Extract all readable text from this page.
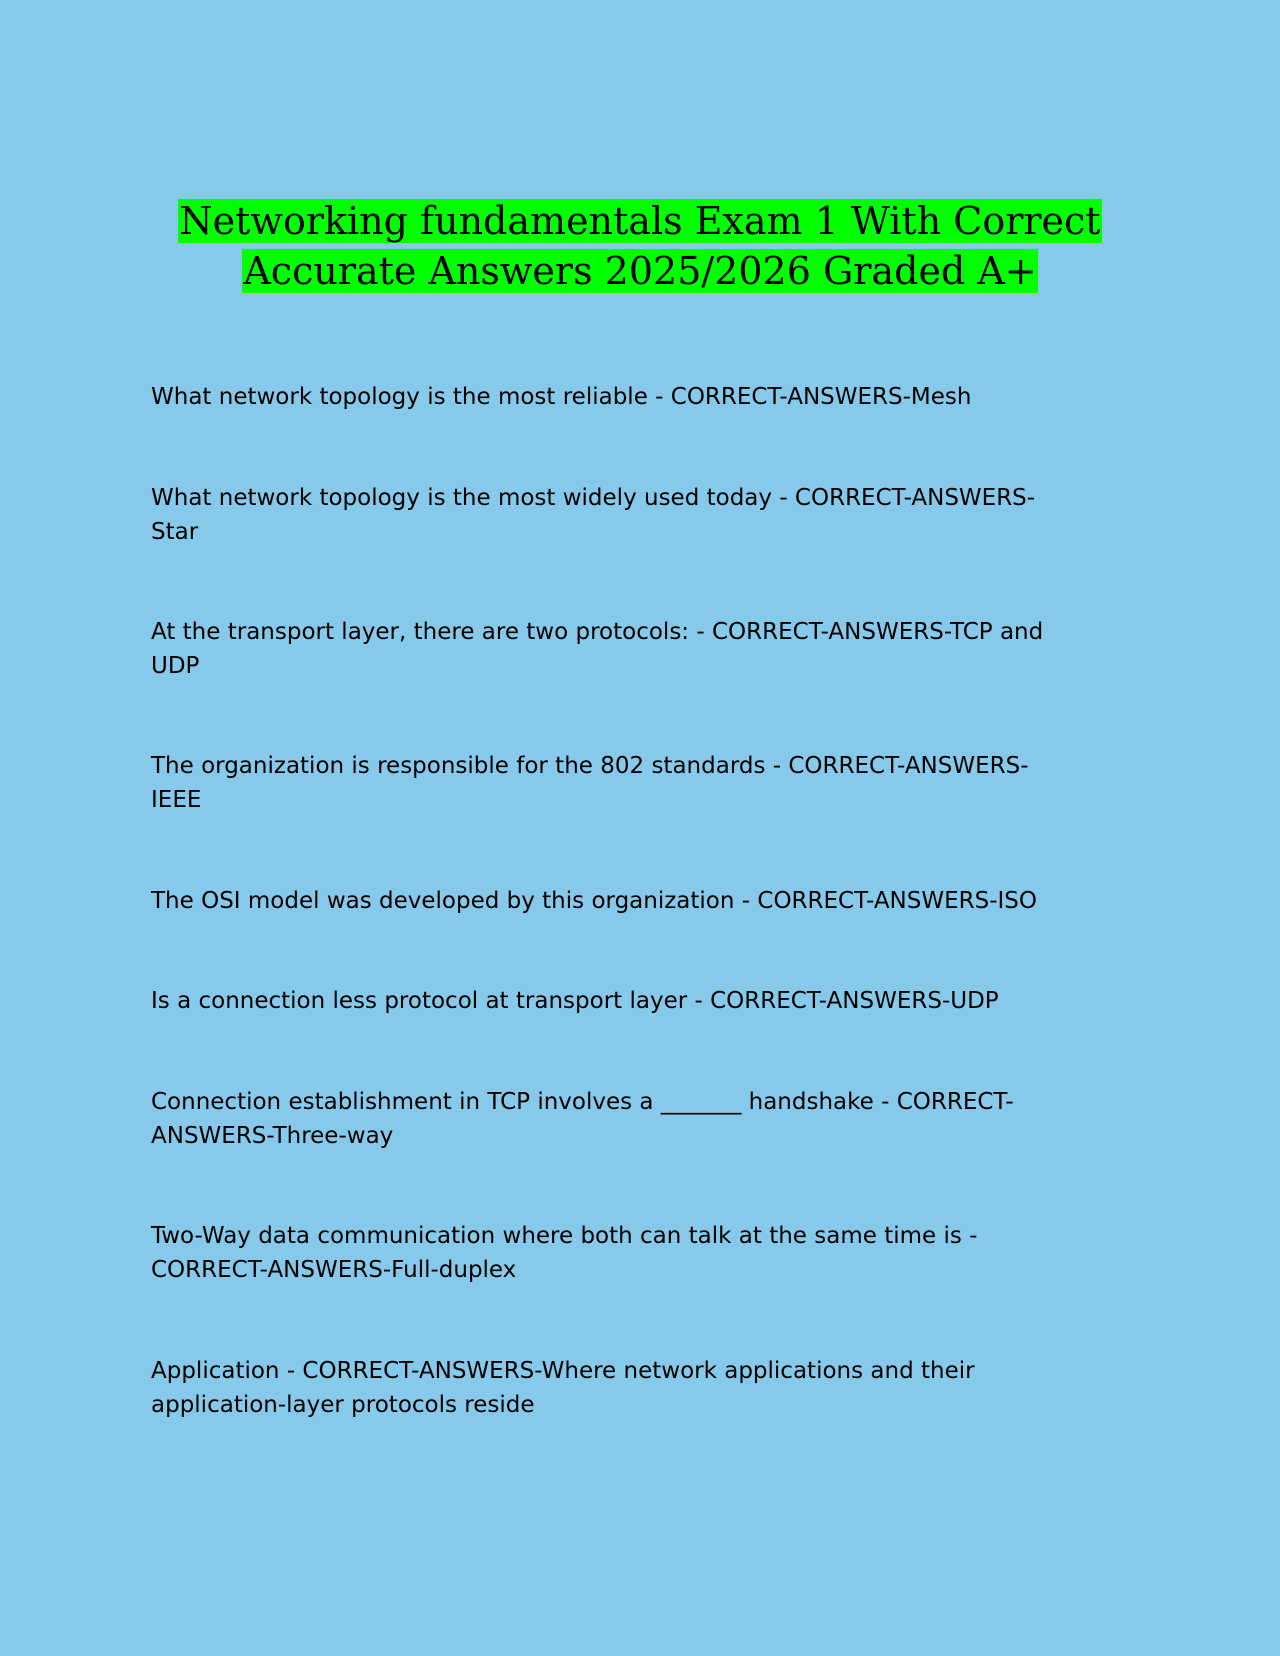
Networking fundamentals Exam 1 With Correct
Accurate Answers 2025/2026 Graded A+
What network topology is the most reliable - CORRECT-ANSWERS-Mesh
What network topology is the most widely used today - CORRECT-ANSWERS-
Star
At the transport layer, there are two protocols: - CORRECT-ANSWERS-TCP and
UDP
The organization is responsible for the 802 standards - CORRECT-ANSWERS-
IEEE
The OSI model was developed by this organization - CORRECT-ANSWERS-ISO
Is a connection less protocol at transport layer - CORRECT-ANSWERS-UDP
Connection establishment in TCP involves a _______ handshake - CORRECT-
ANSWERS-Three-way
Two-Way data communication where both can talk at the same time is -
CORRECT-ANSWERS-Full-duplex
Application - CORRECT-ANSWERS-Where network applications and their
application-layer protocols reside
